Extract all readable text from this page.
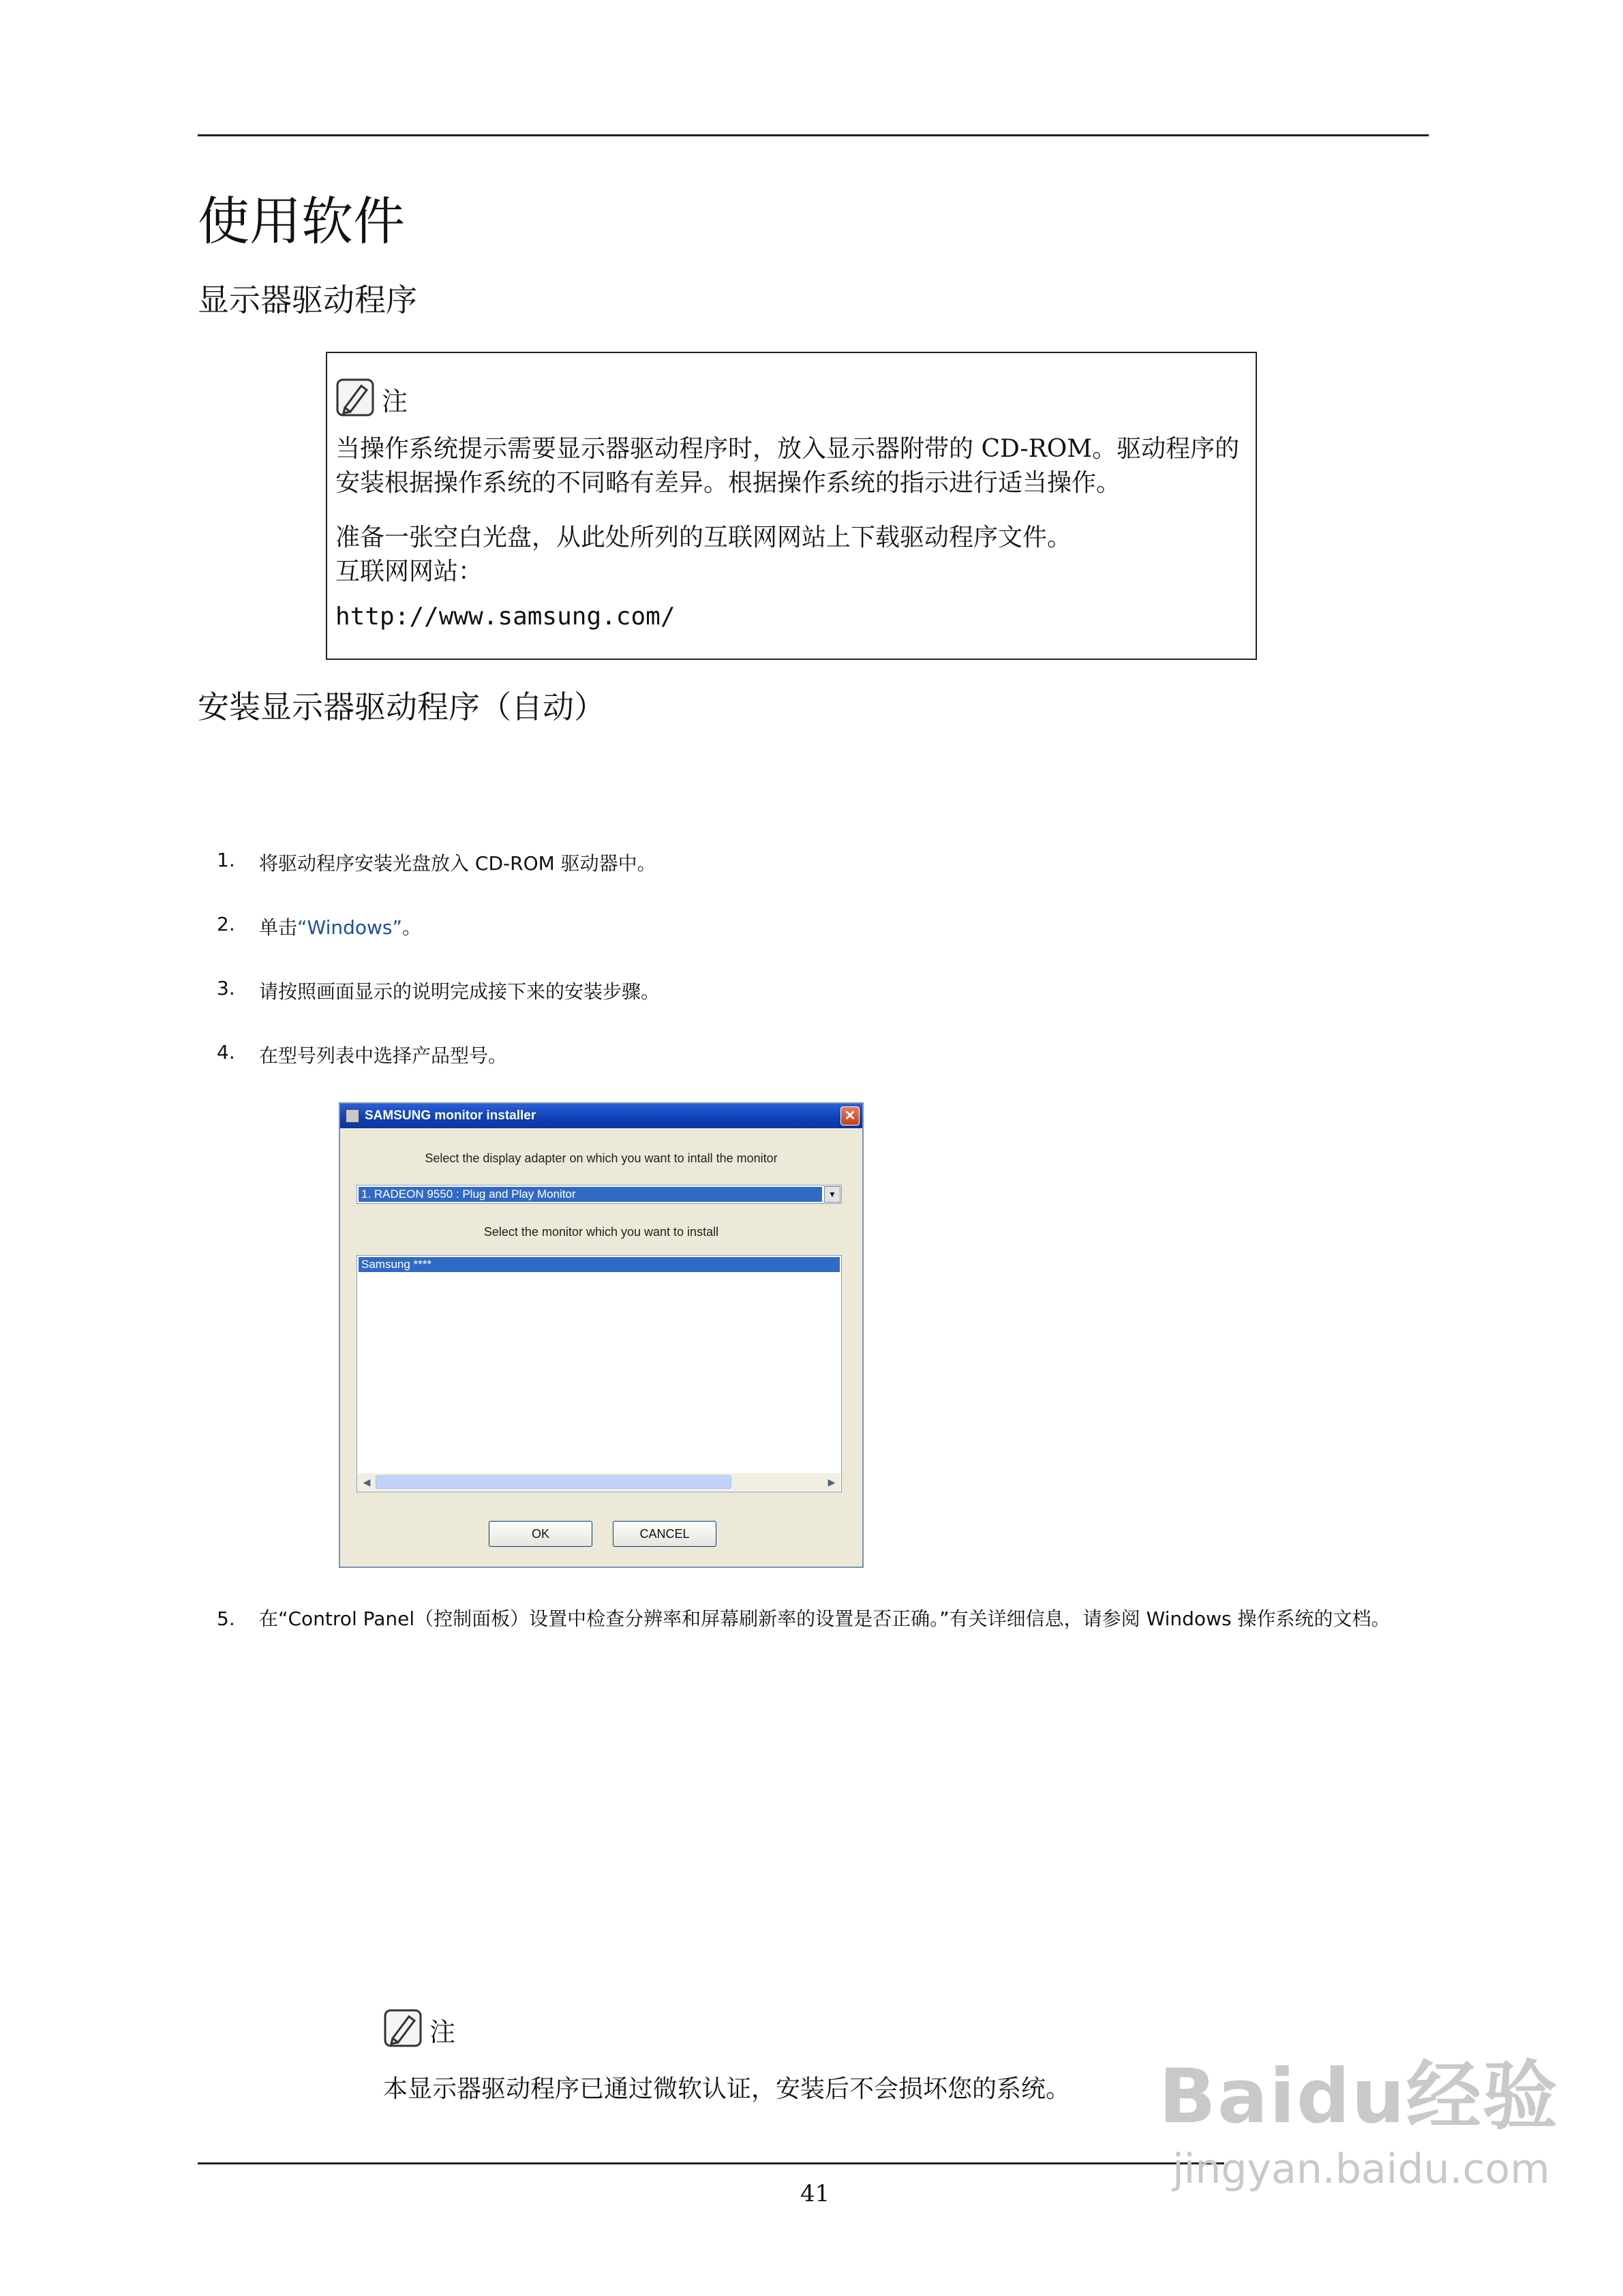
使用软件
显示器驱动程序
注
当操作系统提示需要显示器驱动程序时，放入显示器附带的 CD-ROM。驱动程序的安装根据操作系统的不同略有差异。根据操作系统的指示进行适当操作。
准备一张空白光盘，从此处所列的互联网网站上下载驱动程序文件。
互联网网站：
http://www.samsung.com/
安装显示器驱动程序（自动）
1. 将驱动程序安装光盘放入 CD-ROM 驱动器中。
2. 单击“Windows”。
3. 请按照画面显示的说明完成接下来的安装步骤。
4. 在型号列表中选择产品型号。
5. 在“Control Panel（控制面板）设置中检查分辨率和屏幕刷新率的设置是否正确。”有关详细信息，请参阅 Windows 操作系统的文档。
SAMSUNG monitor installer	✕
Select the display adapter on which you want to intall the monitor
1. RADEON 9550 : Plug and Play Monitor	▼
Select the monitor which you want to install
Samsung ****
◀	▶
OK	CANCEL
注
本显示器驱动程序已通过微软认证，安装后不会损坏您的系统。
41
Baidu经验
jingyan.baidu.com
